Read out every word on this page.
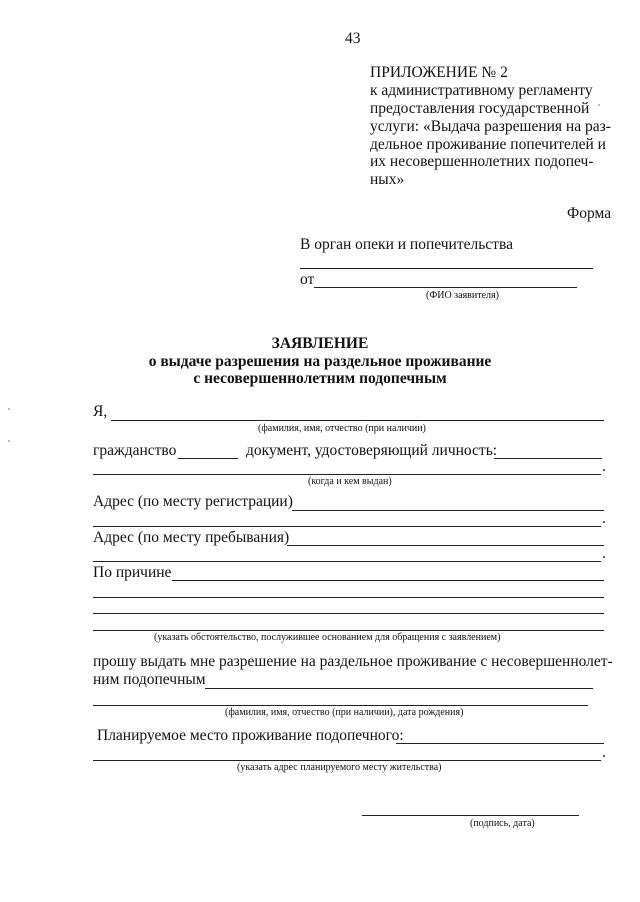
43
ПРИЛОЖЕНИЕ № 2
к административному регламенту
предоставления государственной
услуги: «Выдача разрешения на раз-
дельное проживание попечителей и
их несовершеннолетних подопеч-
ных»
Форма
В орган опеки и попечительства
от
(ФИО заявителя)
ЗАЯВЛЕНИЕ
о выдаче разрешения на раздельное проживание
с несовершеннолетним подопечным
Я,
(фамилия, имя, отчество (при наличии)
гражданство	документ, удостоверяющий личность:
.
(когда и кем выдан)
Адрес (по месту регистрации)
.
Адрес (по месту пребывания)
.
По причине
(указать обстоятельство, послужившее основанием для обращения с заявлением)
прошу выдать мне разрешение на раздельное проживание с несовершеннолет-
ним подопечным
(фамилия, имя, отчество (при наличии), дата рождения)
Планируемое место проживание подопечного:
.
(указать адрес планируемого месту жительства)
(подпись, дата)
